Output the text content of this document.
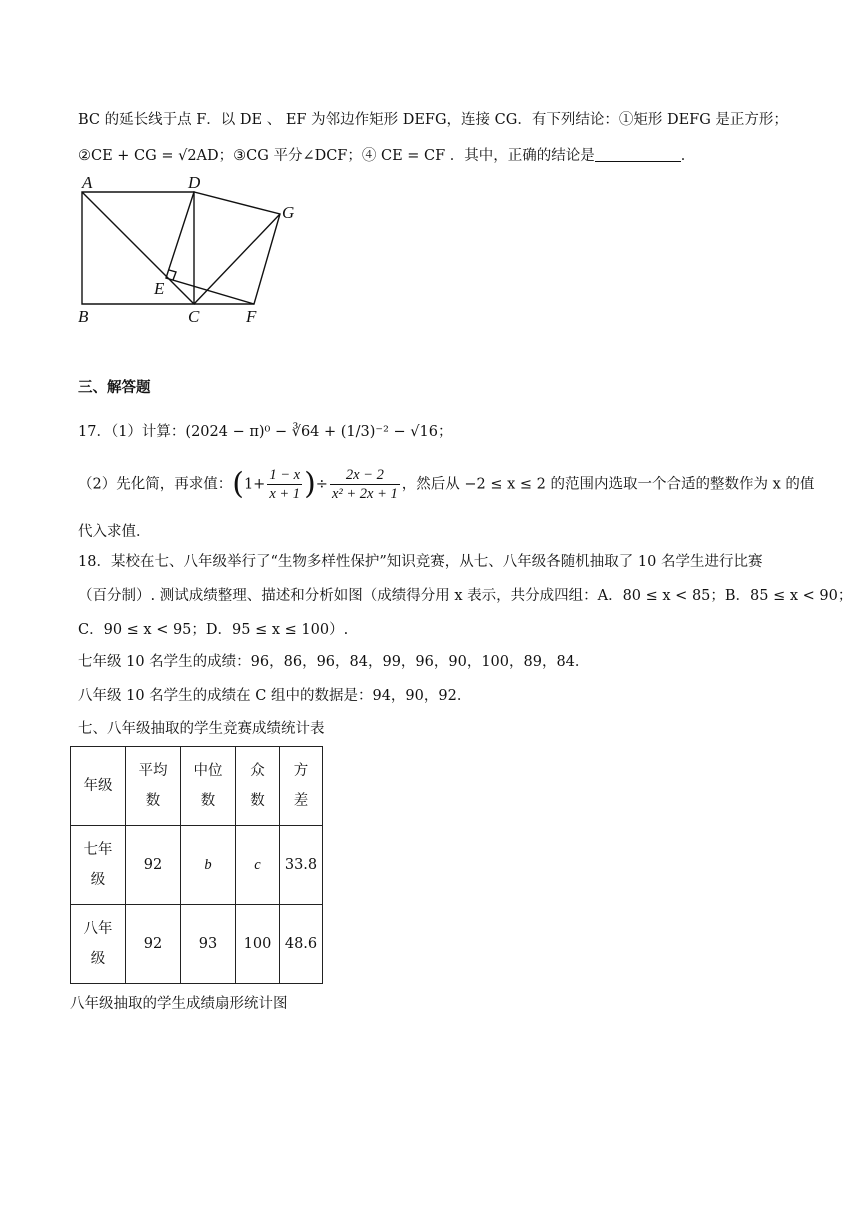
BC 的延长线于点 F．以 DE 、 EF 为邻边作矩形 DEFG，连接 CG．有下列结论：①矩形 DEFG 是正方形；
②CE + CG = √2AD；③CG 平分∠DCF；④ CE = CF ．其中，正确的结论是	．
A	D
G
E
B	C	F
三、解答题
17．（1）计算：(2024 − π)⁰ − ∛64 + (1/3)⁻² − √16；
（2）先化简，再求值：($1+ \frac{1 - x}{x + 1}$ )÷ $\frac{2x - 2}{\text{x² + 2x + 1}}$ ，然后从 −2 ≤ x ≤ 2 的范围内选取一个合适的整数作为 x 的值
代入求值．
18．某校在七、八年级举行了“生物多样性保护”知识竞赛，从七、八年级各随机抽取了 10 名学生进行比赛
（百分制）. 测试成绩整理、描述和分析如图（成绩得分用 x 表示，共分成四组：A．80 ≤ x < 85；B．85 ≤ x < 90；
C．90 ≤ x < 95；D．95 ≤ x ≤ 100）.
七年级 10 名学生的成绩：96，86，96，84，99，96，90，100，89，84．
八年级 10 名学生的成绩在 C 组中的数据是：94，90，92．
七、八年级抽取的学生竞赛成绩统计表
年级	平均数	中位数	众数	方差
七年级	92	b	c	33.8
八年级	92	93	100	48.6
八年级抽取的学生成绩扇形统计图
